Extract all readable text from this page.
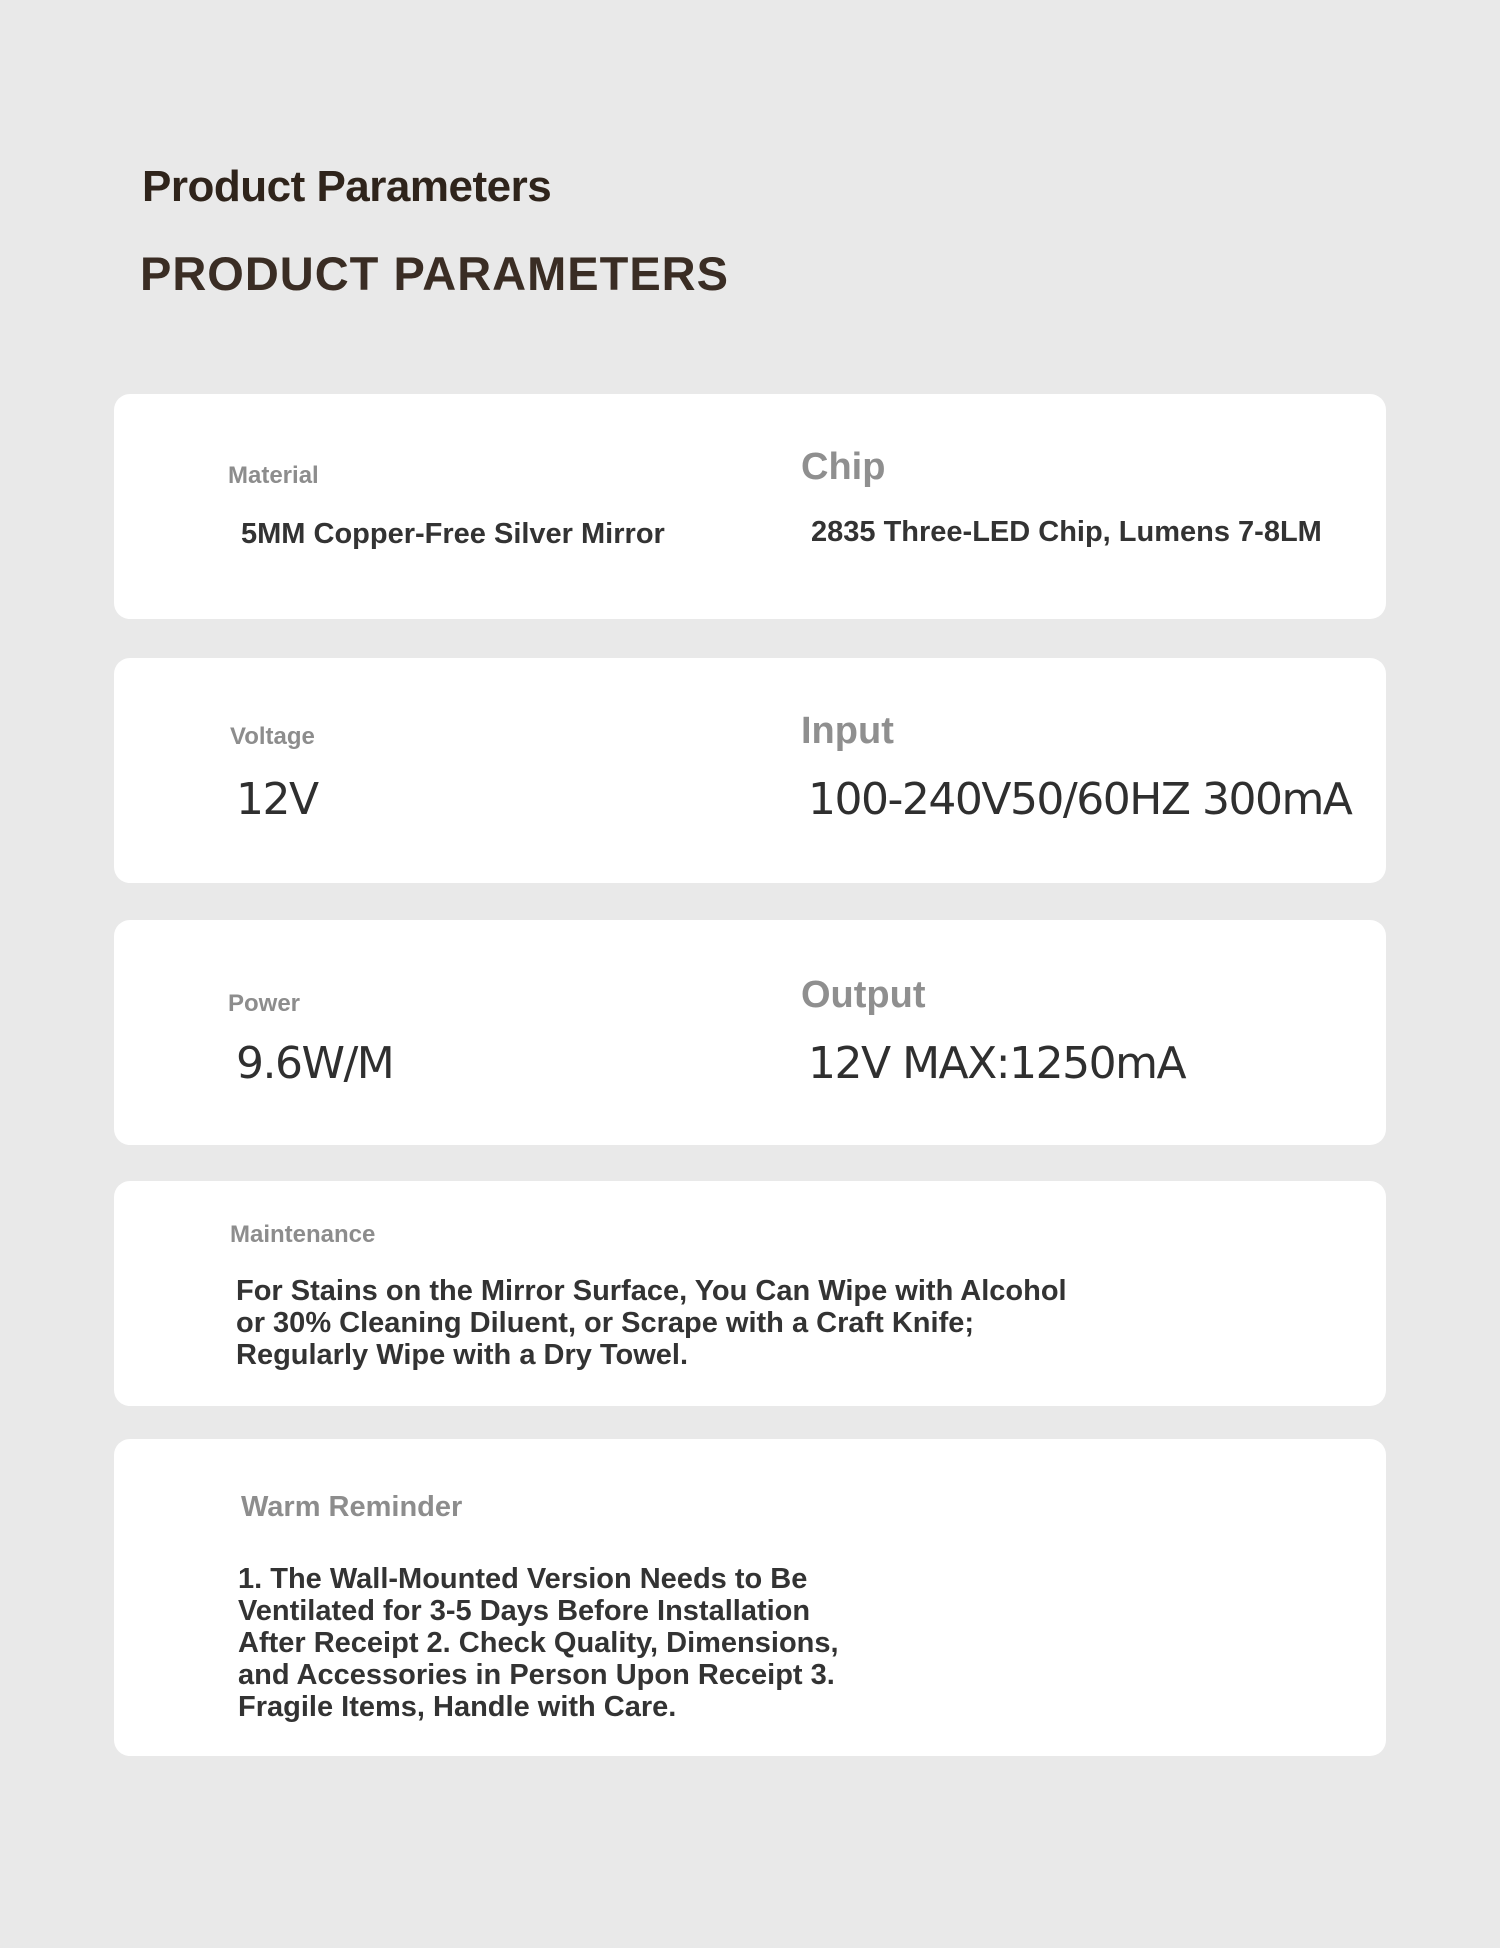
Product Parameters
PRODUCT PARAMETERS
Material
5MM Copper-Free Silver Mirror
Chip
2835 Three-LED Chip, Lumens 7-8LM
Voltage
12V
Input
100-240V50/60HZ 300mA
Power
9.6W/M
Output
12V MAX:1250mA
Maintenance
For Stains on the Mirror Surface, You Can Wipe with Alcohol
or 30% Cleaning Diluent, or Scrape with a Craft Knife;
Regularly Wipe with a Dry Towel.
Warm Reminder
1. The Wall-Mounted Version Needs to Be
Ventilated for 3-5 Days Before Installation
After Receipt 2. Check Quality, Dimensions,
and Accessories in Person Upon Receipt 3.
Fragile Items, Handle with Care.
